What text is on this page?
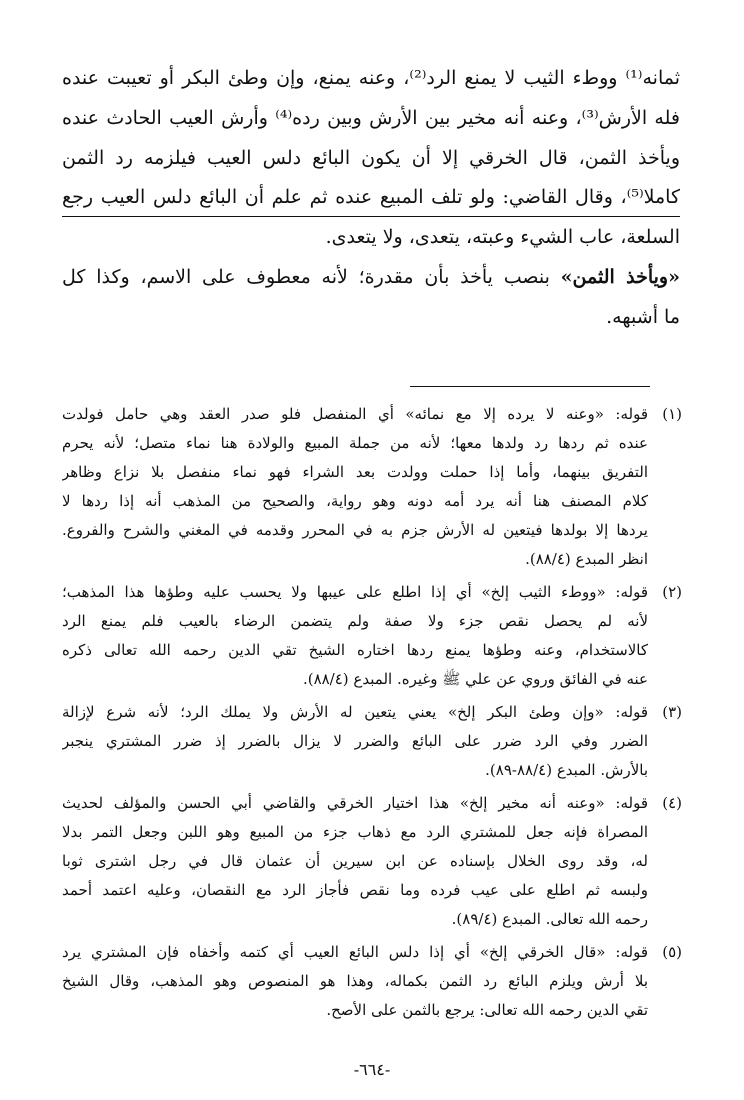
ثمانه⁽¹⁾ ووطء الثيب لا يمنع الرد⁽²⁾، وعنه يمنع، وإن وطئ البكر أو تعيبت عنده
فله الأرش⁽³⁾، وعنه أنه مخير بين الأرش وبين رده⁽⁴⁾ وأرش العيب الحادث عنده
ويأخذ الثمن، قال الخرقي إلا أن يكون البائع دلس العيب فيلزمه رد الثمن
كاملا⁽⁵⁾، وقال القاضي: ولو تلف المبيع عنده ثم علم أن البائع دلس العيب رجع
السلعة، عاب الشيء وعبته، يتعدى، ولا يتعدى.
«ويأخذ الثمن» بنصب يأخذ بأن مقدرة؛ لأنه معطوف على الاسم، وكذا كل
ما أشبهه.
(١)
قوله: «وعنه لا يرده إلا مع نمائه» أي المنفصل فلو صدر العقد وهي حامل فولدت
عنده ثم ردها رد ولدها معها؛ لأنه من جملة المبيع والولادة هنا نماء متصل؛ لأنه يحرم
التفريق بينهما، وأما إذا حملت وولدت بعد الشراء فهو نماء منفصل بلا نزاع وظاهر
كلام المصنف هنا أنه يرد أمه دونه وهو رواية، والصحيح من المذهب أنه إذا ردها لا
يردها إلا بولدها فيتعين له الأرش جزم به في المحرر وقدمه في المغني والشرح والفروع.
انظر المبدع (٨٨/٤).
(٢)
قوله: «ووطء الثيب إلخ» أي إذا اطلع على عيبها ولا يحسب عليه وطؤها هذا المذهب؛
لأنه لم يحصل نقص جزء ولا صفة ولم يتضمن الرضاء بالعيب فلم يمنع الرد
كالاستخدام، وعنه وطؤها يمنع ردها اختاره الشيخ تقي الدين رحمه الله تعالى ذكره
عنه في الفائق وروي عن علي ﷺ وغيره. المبدع (٨٨/٤).
(٣)
قوله: «وإن وطئ البكر إلخ» يعني يتعين له الأرش ولا يملك الرد؛ لأنه شرع لإزالة
الضرر وفي الرد ضرر على البائع والضرر لا يزال بالضرر إذ ضرر المشتري ينجبر
بالأرش. المبدع (٨٨/٤-٨٩).
(٤)
قوله: «وعنه أنه مخير إلخ» هذا اختيار الخرقي والقاضي أبي الحسن والمؤلف لحديث
المصراة فإنه جعل للمشتري الرد مع ذهاب جزء من المبيع وهو اللبن وجعل التمر بدلا
له، وقد روى الخلال بإسناده عن ابن سيرين أن عثمان قال في رجل اشترى ثوبا
ولبسه ثم اطلع على عيب فرده وما نقص فأجاز الرد مع النقصان، وعليه اعتمد أحمد
رحمه الله تعالى. المبدع (٨٩/٤).
(٥)
قوله: «قال الخرقي إلخ» أي إذا دلس البائع العيب أي كتمه وأخفاه فإن المشتري يرد
بلا أرش ويلزم البائع رد الثمن بكماله، وهذا هو المنصوص وهو المذهب، وقال الشيخ
تقي الدين رحمه الله تعالى: يرجع بالثمن على الأصح.
-٦٦٤-
